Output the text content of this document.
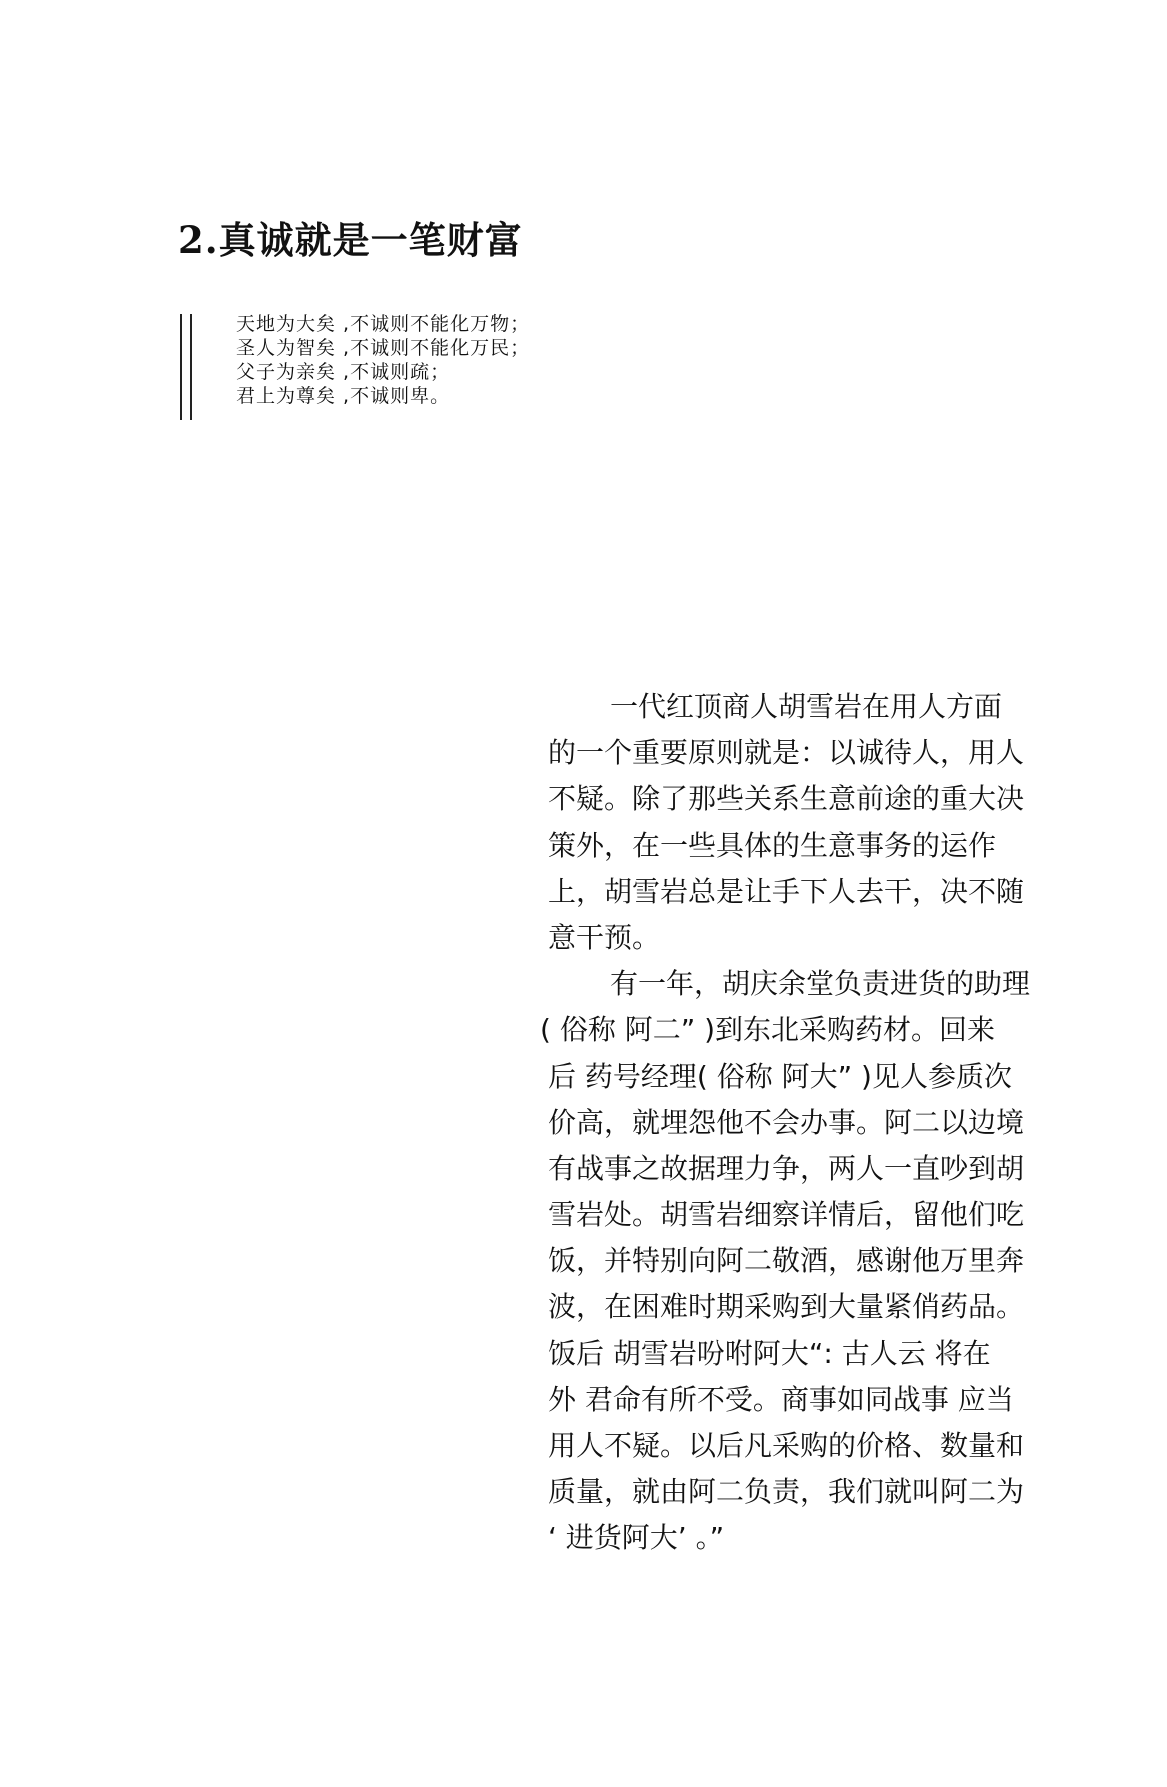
2.真诚就是一笔财富
天地为大矣 ,不诚则不能化万物；
圣人为智矣 ,不诚则不能化万民；
父子为亲矣 ,不诚则疏；
君上为尊矣 ,不诚则卑。
一代红顶商人胡雪岩在用人方面
的一个重要原则就是：以诚待人，用人
不疑。除了那些关系生意前途的重大决
策外，在一些具体的生意事务的运作
上，胡雪岩总是让手下人去干，决不随
意干预。
有一年，胡庆余堂负责进货的助理
( 俗称 阿二” )到东北采购药材。回来
后 药号经理( 俗称 阿大” )见人参质次
价高，就埋怨他不会办事。阿二以边境
有战事之故据理力争，两人一直吵到胡
雪岩处。胡雪岩细察详情后，留他们吃
饭，并特别向阿二敬酒，感谢他万里奔
波，在困难时期采购到大量紧俏药品。
饭后 胡雪岩吩咐阿大“: 古人云 将在
外 君命有所不受。商事如同战事 应当
用人不疑。以后凡采购的价格、数量和
质量，就由阿二负责，我们就叫阿二为
‘ 进货阿大’ 。”
